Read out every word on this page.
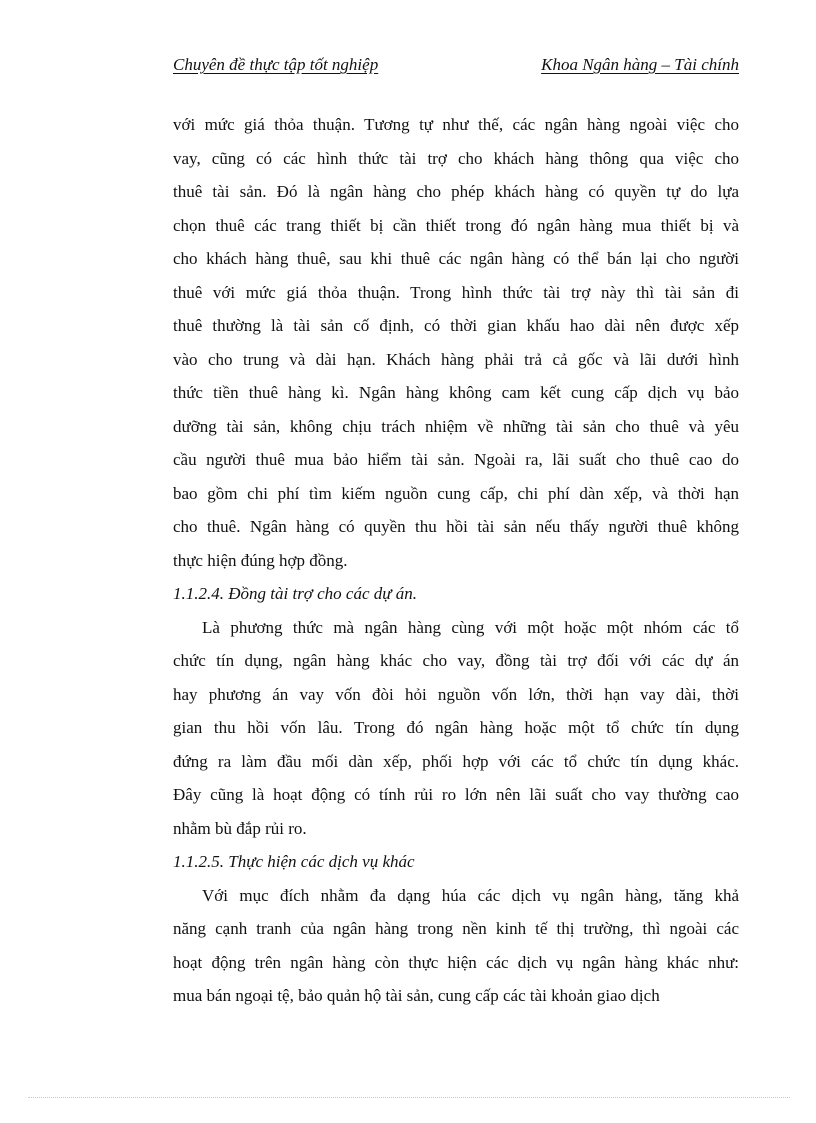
Chuyên đề thực tập tốt nghiệp	Khoa Ngân hàng – Tài chính
với mức giá thỏa thuận. Tương tự như thế, các ngân hàng ngoài việc cho
vay, cũng có các hình thức tài trợ cho khách hàng thông qua việc cho
thuê tài sản. Đó là ngân hàng cho phép khách hàng có quyền tự do lựa
chọn thuê các trang thiết bị cần thiết trong đó ngân hàng mua thiết bị và
cho khách hàng thuê, sau khi thuê các ngân hàng có thể bán lại cho người
thuê với mức giá thỏa thuận. Trong hình thức tài trợ này thì tài sản đi
thuê thường là tài sản cố định, có thời gian khấu hao dài nên được xếp
vào cho trung và dài hạn. Khách hàng phải trả cả gốc và lãi dưới hình
thức tiền thuê hàng kì. Ngân hàng không cam kết cung cấp dịch vụ bảo
dưỡng tài sản, không chịu trách nhiệm về những tài sản cho thuê và yêu
cầu người thuê mua bảo hiểm tài sản. Ngoài ra, lãi suất cho thuê cao do
bao gồm chi phí tìm kiếm nguồn cung cấp, chi phí dàn xếp, và thời hạn
cho thuê. Ngân hàng có quyền thu hồi tài sản nếu thấy người thuê không
thực hiện đúng hợp đồng.
1.1.2.4. Đồng tài trợ cho các dự án.
Là phương thức mà ngân hàng cùng với một hoặc một nhóm các tổ
chức tín dụng, ngân hàng khác cho vay, đồng tài trợ đối với các dự án
hay phương án vay vốn đòi hỏi nguồn vốn lớn, thời hạn vay dài, thời
gian thu hồi vốn lâu. Trong đó ngân hàng hoặc một tổ chức tín dụng
đứng ra làm đầu mối dàn xếp, phối hợp với các tổ chức tín dụng khác.
Đây cũng là hoạt động có tính rủi ro lớn nên lãi suất cho vay thường cao
nhằm bù đắp rủi ro.
1.1.2.5. Thực hiện các dịch vụ khác
Với mục đích nhằm đa dạng húa các dịch vụ ngân hàng, tăng khả
năng cạnh tranh của ngân hàng trong nền kinh tế thị trường, thì ngoài các
hoạt động trên ngân hàng còn thực hiện các dịch vụ ngân hàng khác như:
mua bán ngoại tệ, bảo quản hộ tài sản, cung cấp các tài khoản giao dịch
